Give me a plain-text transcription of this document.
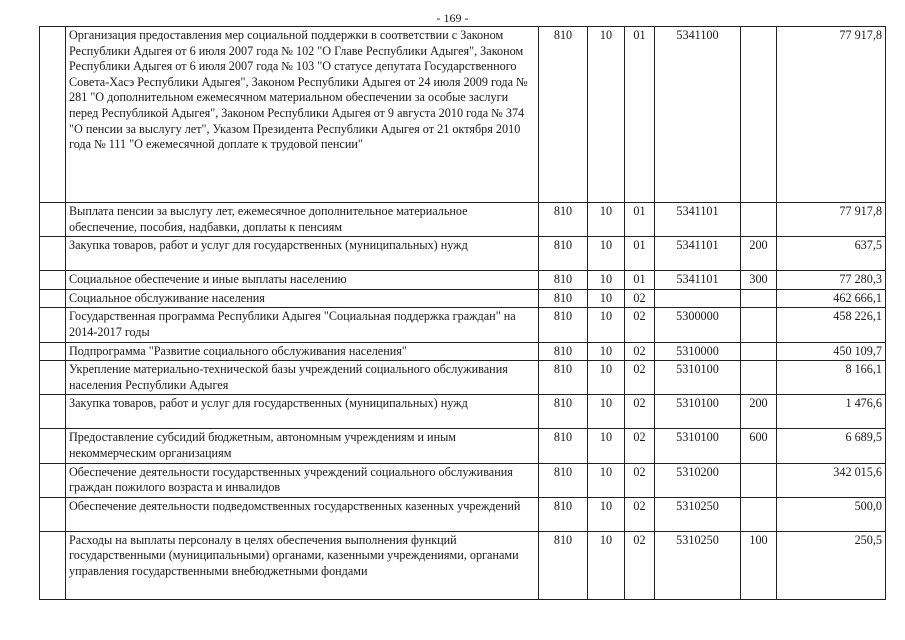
- 169 -
	Организация предоставления мер социальной поддержки в соответствии с Законом Республики Адыгея от 6 июля 2007 года № 102 "О Главе Республики Адыгея", Законом Республики Адыгея от 6 июля 2007 года № 103 "О статусе депутата Государственного Совета-Хасэ Республики Адыгея", Законом Республики Адыгея от 24 июля 2009 года № 281 "О дополнительном ежемесячном материальном обеспечении за особые заслуги перед Республикой Адыгея", Законом Республики Адыгея от 9 августа 2010 года № 374 "О пенсии за выслугу лет", Указом Президента Республики Адыгея от 21 октября 2010 года № 111 "О ежемесячной доплате к трудовой пенсии"	810	10	01	5341100		77 917,8
	Выплата пенсии за выслугу лет, ежемесячное дополнительное материальное обеспечение, пособия, надбавки, доплаты к пенсиям	810	10	01	5341101		77 917,8
	Закупка товаров, работ и услуг для государственных (муниципальных) нужд	810	10	01	5341101	200	637,5
	Социальное обеспечение и иные выплаты населению	810	10	01	5341101	300	77 280,3
	Социальное обслуживание населения	810	10	02			462 666,1
	Государственная программа Республики Адыгея "Социальная поддержка граждан" на 2014-2017 годы	810	10	02	5300000		458 226,1
	Подпрограмма "Развитие социального обслуживания населения"	810	10	02	5310000		450 109,7
	Укрепление материально-технической базы учреждений социального обслуживания населения Республики Адыгея	810	10	02	5310100		8 166,1
	Закупка товаров, работ и услуг для государственных (муниципальных) нужд	810	10	02	5310100	200	1 476,6
	Предоставление субсидий бюджетным, автономным учреждениям и иным некоммерческим организациям	810	10	02	5310100	600	6 689,5
	Обеспечение деятельности государственных учреждений социального обслуживания граждан пожилого возраста и инвалидов	810	10	02	5310200		342 015,6
	Обеспечение деятельности подведомственных государственных казенных учреждений	810	10	02	5310250		500,0
	Расходы на выплаты персоналу в целях обеспечения выполнения функций государственными (муниципальными) органами, казенными учреждениями, органами управления государственными внебюджетными фондами	810	10	02	5310250	100	250,5
